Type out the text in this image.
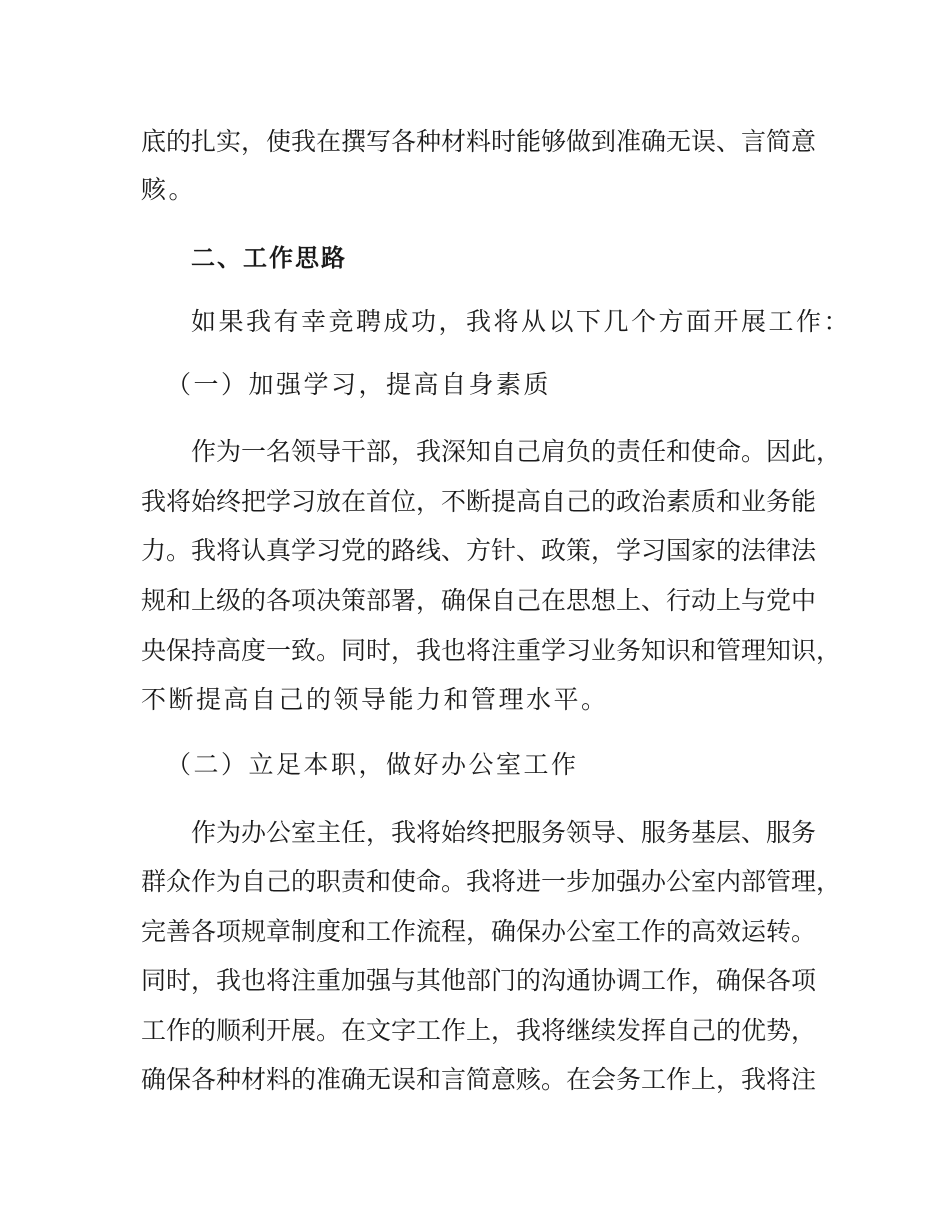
底的扎实，使我在撰写各种材料时能够做到准确无误、言简意

赅。

二、工作思路

如果我有幸竞聘成功，我将从以下几个方面开展工作：

（一）加强学习，提高自身素质

作为一名领导干部，我深知自己肩负的责任和使命。因此，

我将始终把学习放在首位，不断提高自己的政治素质和业务能

力。我将认真学习党的路线、方针、政策，学习国家的法律法

规和上级的各项决策部署，确保自己在思想上、行动上与党中

央保持高度一致。同时，我也将注重学习业务知识和管理知识，

不断提高自己的领导能力和管理水平。

（二）立足本职，做好办公室工作

作为办公室主任，我将始终把服务领导、服务基层、服务

群众作为自己的职责和使命。我将进一步加强办公室内部管理，

完善各项规章制度和工作流程，确保办公室工作的高效运转。

同时，我也将注重加强与其他部门的沟通协调工作，确保各项

工作的顺利开展。在文字工作上，我将继续发挥自己的优势，

确保各种材料的准确无误和言简意赅。在会务工作上，我将注
